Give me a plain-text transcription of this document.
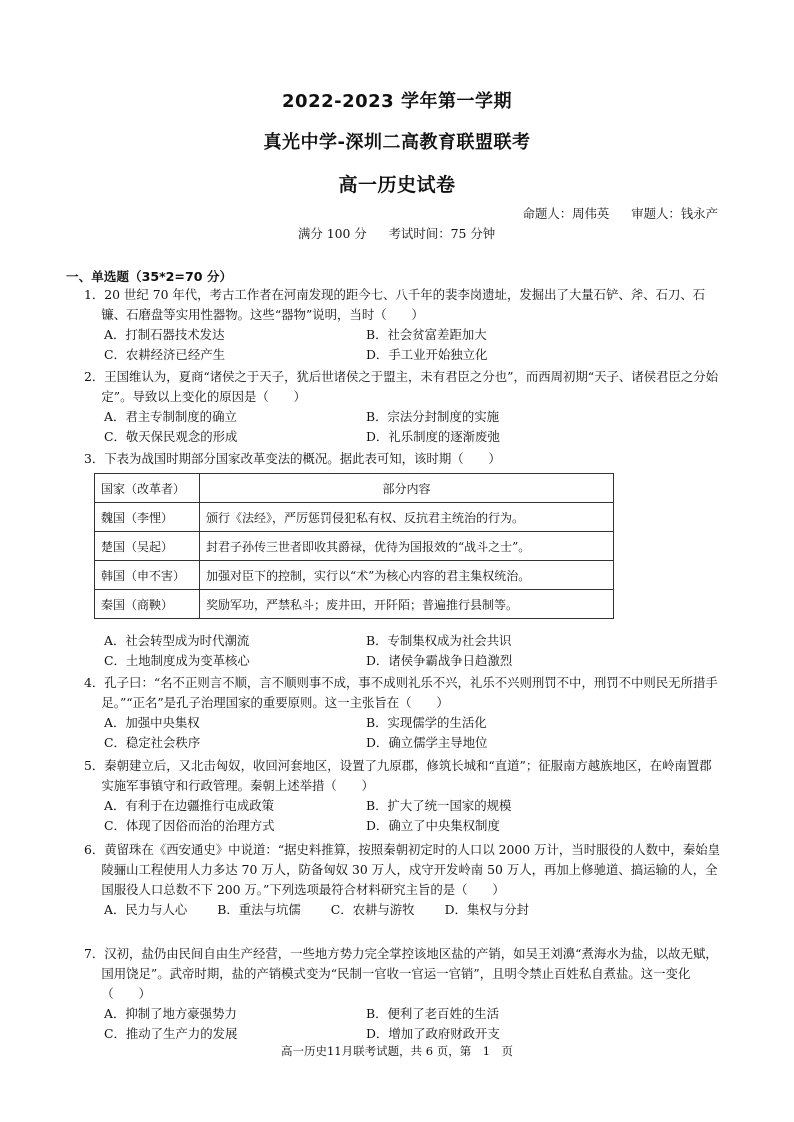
2022-2023 学年第一学期
真光中学-深圳二高教育联盟联考
高一历史试卷
命题人：周伟英 审题人：钱永产
满分 100 分 考试时间：75 分钟
一、单选题（35*2=70 分）
1．20 世纪 70 年代，考古工作者在河南发现的距今七、八千年的裴李岗遗址，发掘出了大量石铲、斧、石刀、石镰、石磨盘等实用性器物。这些“器物”说明，当时（　　）
A．打制石器技术发达	B．社会贫富差距加大
C．农耕经济已经产生	D．手工业开始独立化
2．王国维认为，夏商“诸侯之于天子，犹后世诸侯之于盟主，未有君臣之分也”，而西周初期“天子、诸侯君臣之分始定”。导致以上变化的原因是（　　）
A．君主专制制度的确立	B．宗法分封制度的实施
C．敬天保民观念的形成	D．礼乐制度的逐渐废弛
3．下表为战国时期部分国家改革变法的概况。据此表可知，该时期（　　）
国家（改革者）	部分内容
魏国（李悝）	颁行《法经》，严厉惩罚侵犯私有权、反抗君主统治的行为。
楚国（吴起）	封君子孙传三世者即收其爵禄，优待为国报效的“战斗之士”。
韩国（申不害）	加强对臣下的控制，实行以“术”为核心内容的君主集权统治。
秦国（商鞅）	奖励军功，严禁私斗；废井田，开阡陌；普遍推行县制等。
A．社会转型成为时代潮流	B．专制集权成为社会共识
C．土地制度成为变革核心	D．诸侯争霸战争日趋激烈
4．孔子曰：“名不正则言不顺，言不顺则事不成，事不成则礼乐不兴，礼乐不兴则刑罚不中，刑罚不中则民无所措手足。”“正名”是孔子治理国家的重要原则。这一主张旨在（　　）
A．加强中央集权	B．实现儒学的生活化
C．稳定社会秩序	D．确立儒学主导地位
5．秦朝建立后，又北击匈奴，收回河套地区，设置了九原郡，修筑长城和“直道”；征服南方越族地区，在岭南置郡实施军事镇守和行政管理。秦朝上述举措（　　）
A．有利于在边疆推行屯成政策	B．扩大了统一国家的规模
C．体现了因俗而治的治理方式	D．确立了中央集权制度
6．黄留珠在《西安通史》中说道：“据史料推算，按照秦朝初定时的人口以 2000 万计，当时服役的人数中，秦始皇陵骊山工程使用人力多达 70 万人，防备匈奴 30 万人，戍守开发岭南 50 万人，再加上修驰道、搞运输的人，全国服役人口总数不下 200 万。”下列选项最符合材料研究主旨的是（　　）
A．民力与人心 B．重法与坑儒 C．农耕与游牧 D．集权与分封
7．汉初，盐仍由民间自由生产经营，一些地方势力完全掌控该地区盐的产销，如吴王刘濞“煮海水为盐，以故无赋，国用饶足”。武帝时期，盐的产销模式变为“民制一官收一官运一官销”，且明令禁止百姓私自煮盐。这一变化（　　）
A．抑制了地方豪强势力	B．便利了老百姓的生活
C．推动了生产力的发展	D．增加了政府财政开支
高一历史11月联考试题，共 6 页，第　1　页
